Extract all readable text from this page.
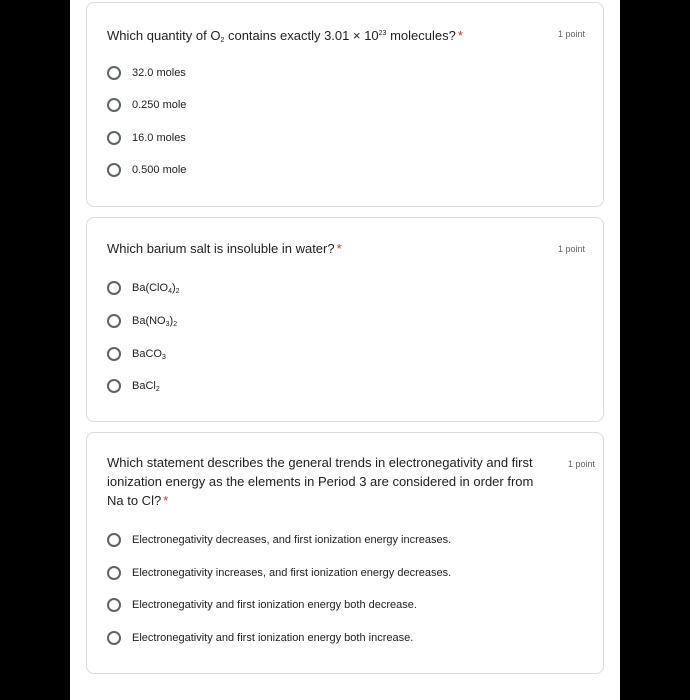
Which quantity of $O_2$ contains exactly $3.01 \times 10^{23}$ molecules? *	1 point
32.0 moles
0.250 mole
16.0 moles
0.500 mole
Which barium salt is insoluble in water? *	1 point
$Ba(ClO_4)_2$
$Ba(NO_3)_2$
BaCO$_3$
BaCl$_2$
Which statement describes the general trends in electronegativity and first ionization energy as the elements in Period 3 are considered in order from Na to Cl? *
1 point
Electronegativity decreases, and first ionization energy increases.
Electronegativity increases, and first ionization energy decreases.
Electronegativity and first ionization energy both decrease.
Electronegativity and first ionization energy both increase.
